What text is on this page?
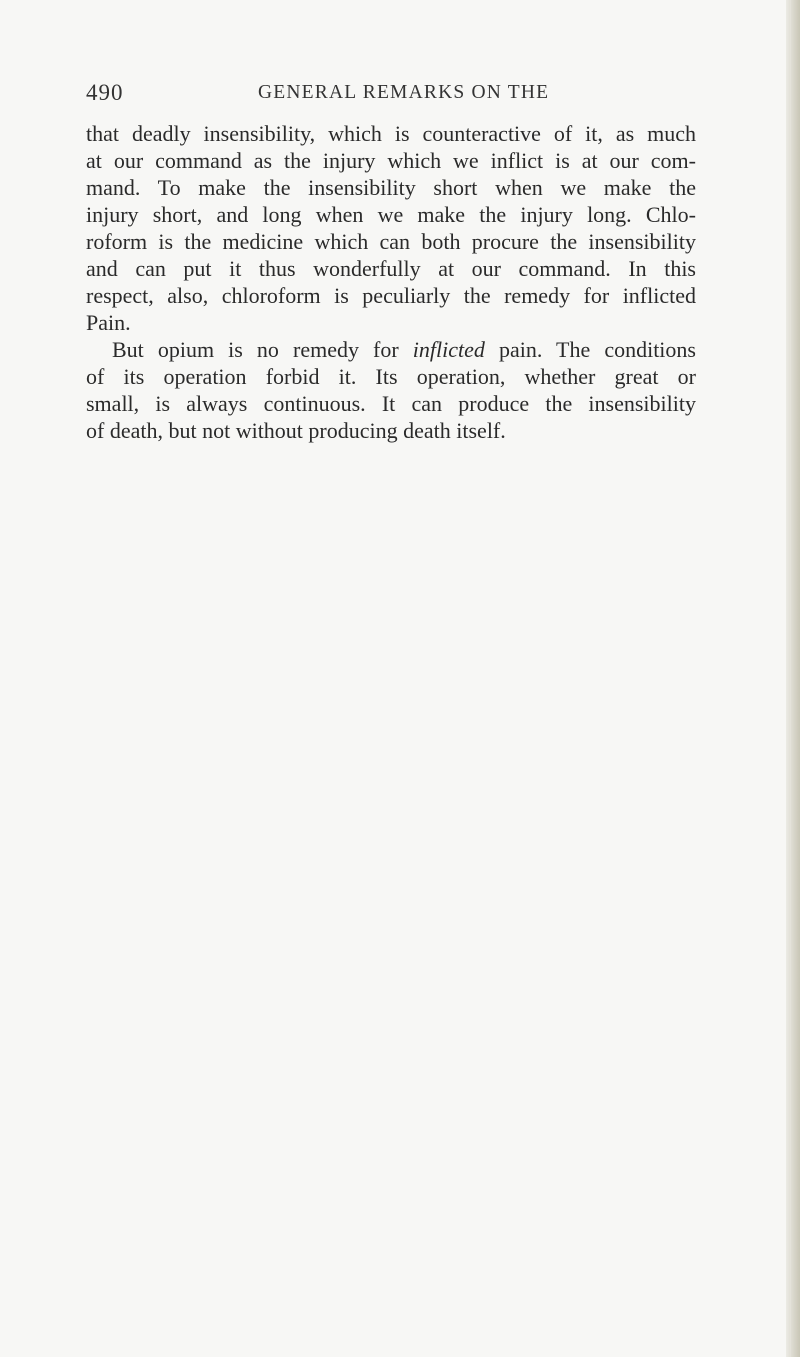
490	GENERAL REMARKS ON THE
that deadly insensibility, which is counteractive of it, as much
at our command as the injury which we inflict is at our com-
mand. To make the insensibility short when we make the
injury short, and long when we make the injury long. Chlo-
roform is the medicine which can both procure the insensibility
and can put it thus wonderfully at our command. In this
respect, also, chloroform is peculiarly the remedy for inflicted
Pain.
But opium is no remedy for inflicted pain. The conditions
of its operation forbid it. Its operation, whether great or
small, is always continuous. It can produce the insensibility
of death, but not without producing death itself.
